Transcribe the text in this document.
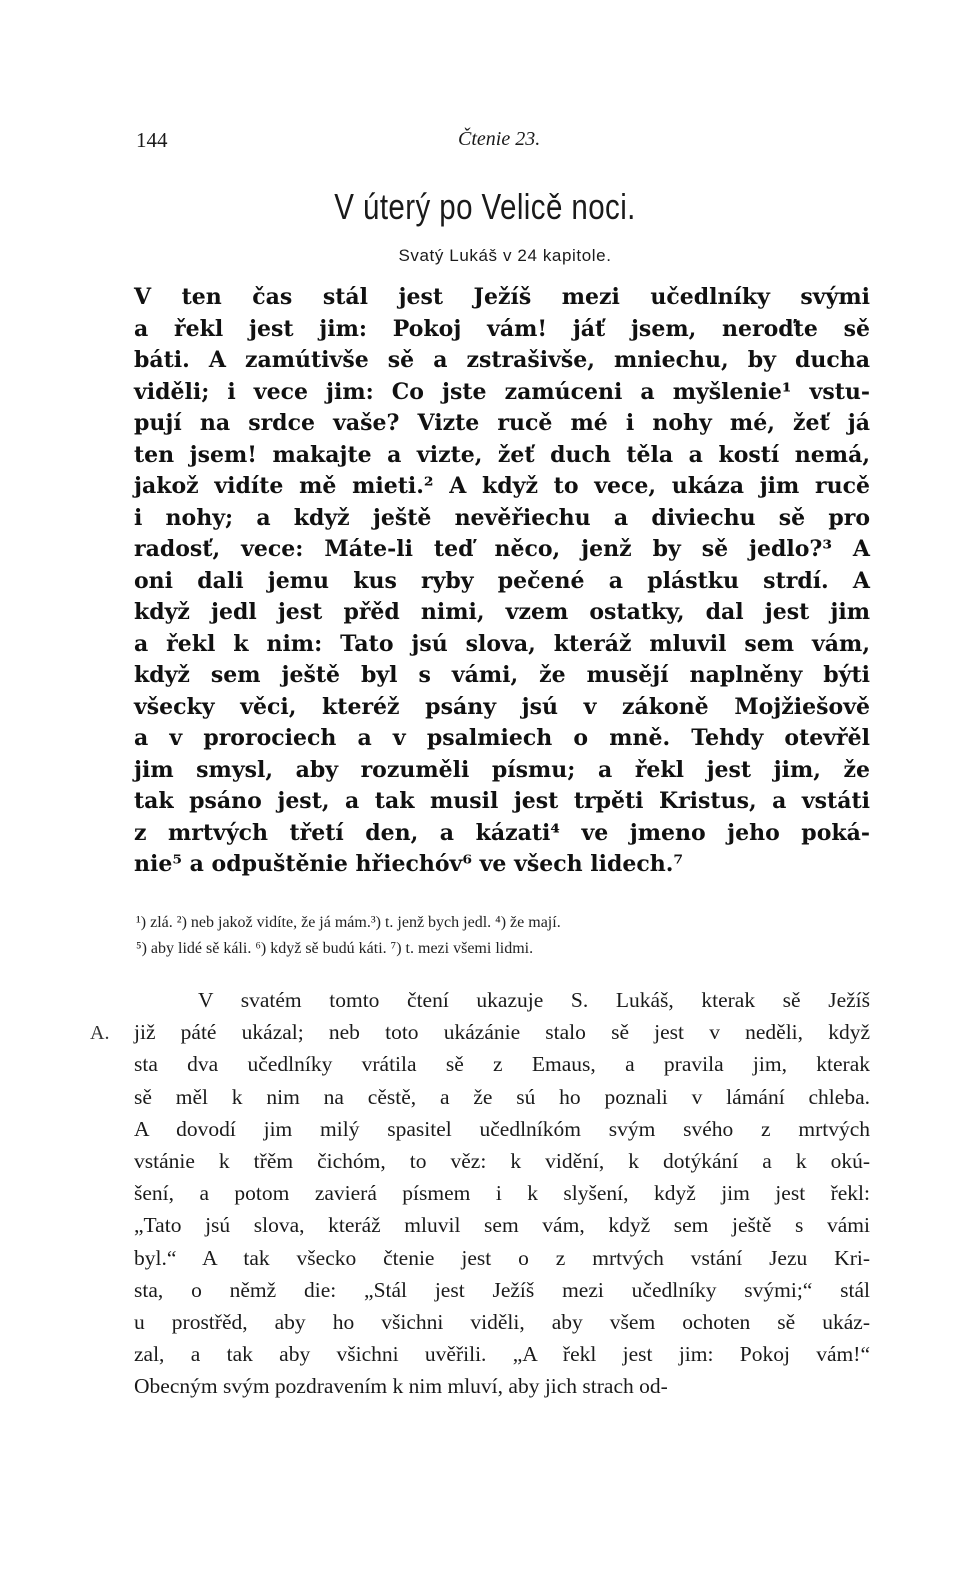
144	Čtenie 23.
V úterý po Velicě noci.
Svatý Lukáš v 24 kapitole.
V ten čas stál jest Ježíš mezi učedlníky svými
a řekl jest jim: Pokoj vám! jáť jsem, neroďte sě
báti. A zamútivše sě a zstrašivše, mniechu, by ducha
viděli; i vece jim: Co jste zamúceni a myšlenie¹ vstu-
pují na srdce vaše? Vizte rucě mé i nohy mé, žeť já
ten jsem! makajte a vizte, žeť duch těla a kostí nemá,
jakož vidíte mě mieti.² A když to vece, ukáza jim rucě
i nohy; a když ještě nevěřiechu a diviechu sě pro
radosť, vece: Máte-li teď něco, jenž by sě jedlo?³ A
oni dali jemu kus ryby pečené a plástku strdí. A
když jedl jest přěd nimi, vzem ostatky, dal jest jim
a řekl k nim: Tato jsú slova, kteráž mluvil sem vám,
když sem ještě byl s vámi, že musějí naplněny býti
všecky věci, kteréž psány jsú v zákoně Mojžiešově
a v prorociech a v psalmiech o mně. Tehdy otevřěl
jim smysl, aby rozuměli písmu; a řekl jest jim, že
tak psáno jest, a tak musil jest trpěti Kristus, a vstáti
z mrtvých třetí den, a kázati⁴ ve jmeno jeho poká-
nie⁵ a odpuštěnie hřiechóv⁶ ve všech lidech.⁷
¹) zlá. ²) neb jakož vidíte, že já mám.³) t. jenž bych jedl. ⁴) že mají.
⁵) aby lidé sě káli. ⁶) když sě budú káti. ⁷) t. mezi všemi lidmi.
A.
V svatém tomto čtení ukazuje S. Lukáš, kterak sě Ježíš
již páté ukázal; neb toto ukázánie stalo sě jest v neděli, když
sta dva učedlníky vrátila sě z Emaus, a pravila jim, kterak
sě měl k nim na cěstě, a že sú ho poznali v lámání chleba.
A dovodí jim milý spasitel učedlníkóm svým svého z mrtvých
vstánie k třěm čichóm, to věz: k vidění, k dotýkání a k okú-
šení, a potom zavierá písmem i k slyšení, když jim jest řekl:
„Tato jsú slova, kteráž mluvil sem vám, když sem ještě s vámi
byl.“ A tak všecko čtenie jest o z mrtvých vstání Jezu Kri-
sta, o němž die: „Stál jest Ježíš mezi učedlníky svými;“ stál
u prostřěd, aby ho všichni viděli, aby všem ochoten sě ukáz-
zal, a tak aby všichni uvěřili. „A řekl jest jim: Pokoj vám!“
Obecným svým pozdravením k nim mluví, aby jich strach od-
